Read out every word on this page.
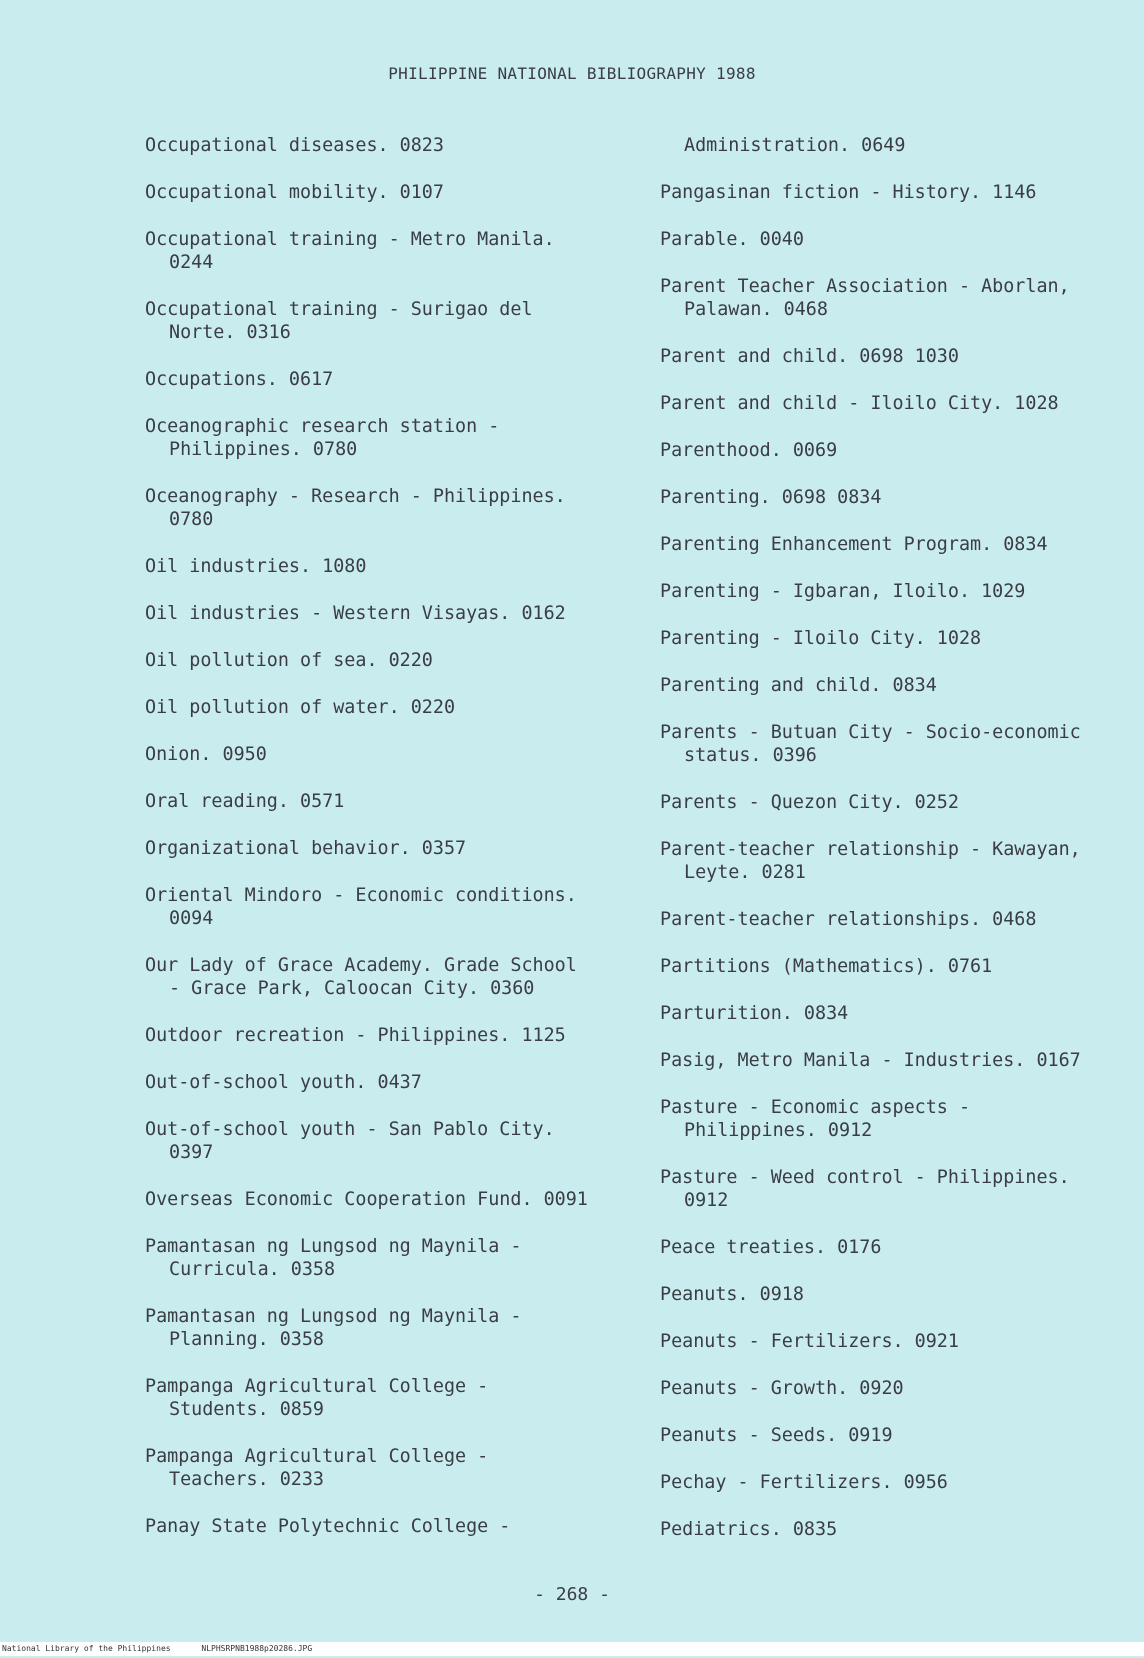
PHILIPPINE NATIONAL BIBLIOGRAPHY 1988

Occupational diseases. 0823

Occupational mobility. 0107

Occupational training - Metro Manila.
0244

Occupational training - Surigao del
Norte. 0316

Occupations. 0617

Oceanographic research station -
Philippines. 0780

Oceanography - Research - Philippines.
0780

Oil industries. 1080

Oil industries - Western Visayas. 0162

Oil pollution of sea. 0220

Oil pollution of water. 0220

Onion. 0950

Oral reading. 0571

Organizational behavior. 0357

Oriental Mindoro - Economic conditions.
0094

Our Lady of Grace Academy. Grade School
- Grace Park, Caloocan City. 0360

Outdoor recreation - Philippines. 1125

Out-of-school youth. 0437

Out-of-school youth - San Pablo City.
0397

Overseas Economic Cooperation Fund. 0091

Pamantasan ng Lungsod ng Maynila -
Curricula. 0358

Pamantasan ng Lungsod ng Maynila -
Planning. 0358

Pampanga Agricultural College -
Students. 0859

Pampanga Agricultural College -
Teachers. 0233

Panay State Polytechnic College -

Administration. 0649

Pangasinan fiction - History. 1146

Parable. 0040

Parent Teacher Association - Aborlan,
Palawan. 0468

Parent and child. 0698 1030

Parent and child - Iloilo City. 1028

Parenthood. 0069

Parenting. 0698 0834

Parenting Enhancement Program. 0834

Parenting - Igbaran, Iloilo. 1029

Parenting - Iloilo City. 1028

Parenting and child. 0834

Parents - Butuan City - Socio-economic
status. 0396

Parents - Quezon City. 0252

Parent-teacher relationship - Kawayan,
Leyte. 0281

Parent-teacher relationships. 0468

Partitions (Mathematics). 0761

Parturition. 0834

Pasig, Metro Manila - Industries. 0167

Pasture - Economic aspects -
Philippines. 0912

Pasture - Weed control - Philippines.
0912

Peace treaties. 0176

Peanuts. 0918

Peanuts - Fertilizers. 0921

Peanuts - Growth. 0920

Peanuts - Seeds. 0919

Pechay - Fertilizers. 0956

Pediatrics. 0835

- 268 -
National Library of the Philippines	NLPHSRPNB1988p20286.JPG
